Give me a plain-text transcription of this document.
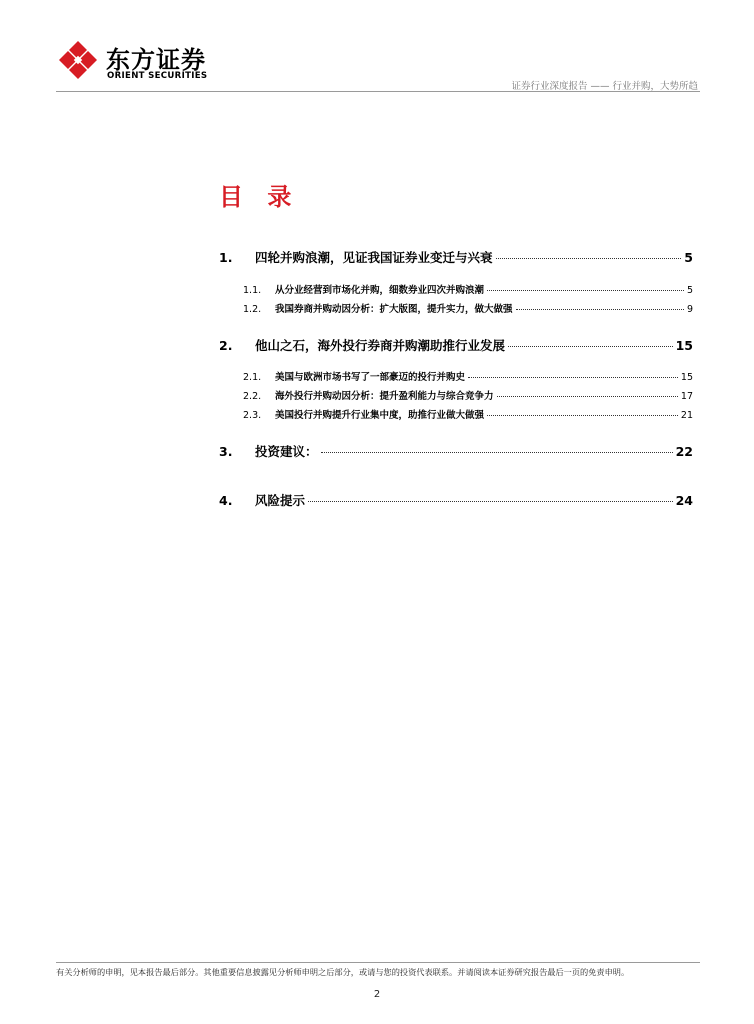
东方证券
ORIENT SECURITIES
证券行业深度报告 —— 行业并购，大势所趋
目 录
1.	四轮并购浪潮，见证我国证券业变迁与兴衰	5
1.1.	从分业经营到市场化并购，细数券业四次并购浪潮	5
1.2.	我国券商并购动因分析：扩大版图，提升实力，做大做强	9
2.	他山之石，海外投行券商并购潮助推行业发展	15
2.1.	美国与欧洲市场书写了一部豪迈的投行并购史	15
2.2.	海外投行并购动因分析：提升盈利能力与综合竞争力	17
2.3.	美国投行并购提升行业集中度，助推行业做大做强	21
3.	投资建议：	22
4.	风险提示	24
有关分析师的申明，见本报告最后部分。其他重要信息披露见分析师申明之后部分，或请与您的投资代表联系。并请阅读本证券研究报告最后一页的免责申明。
2
